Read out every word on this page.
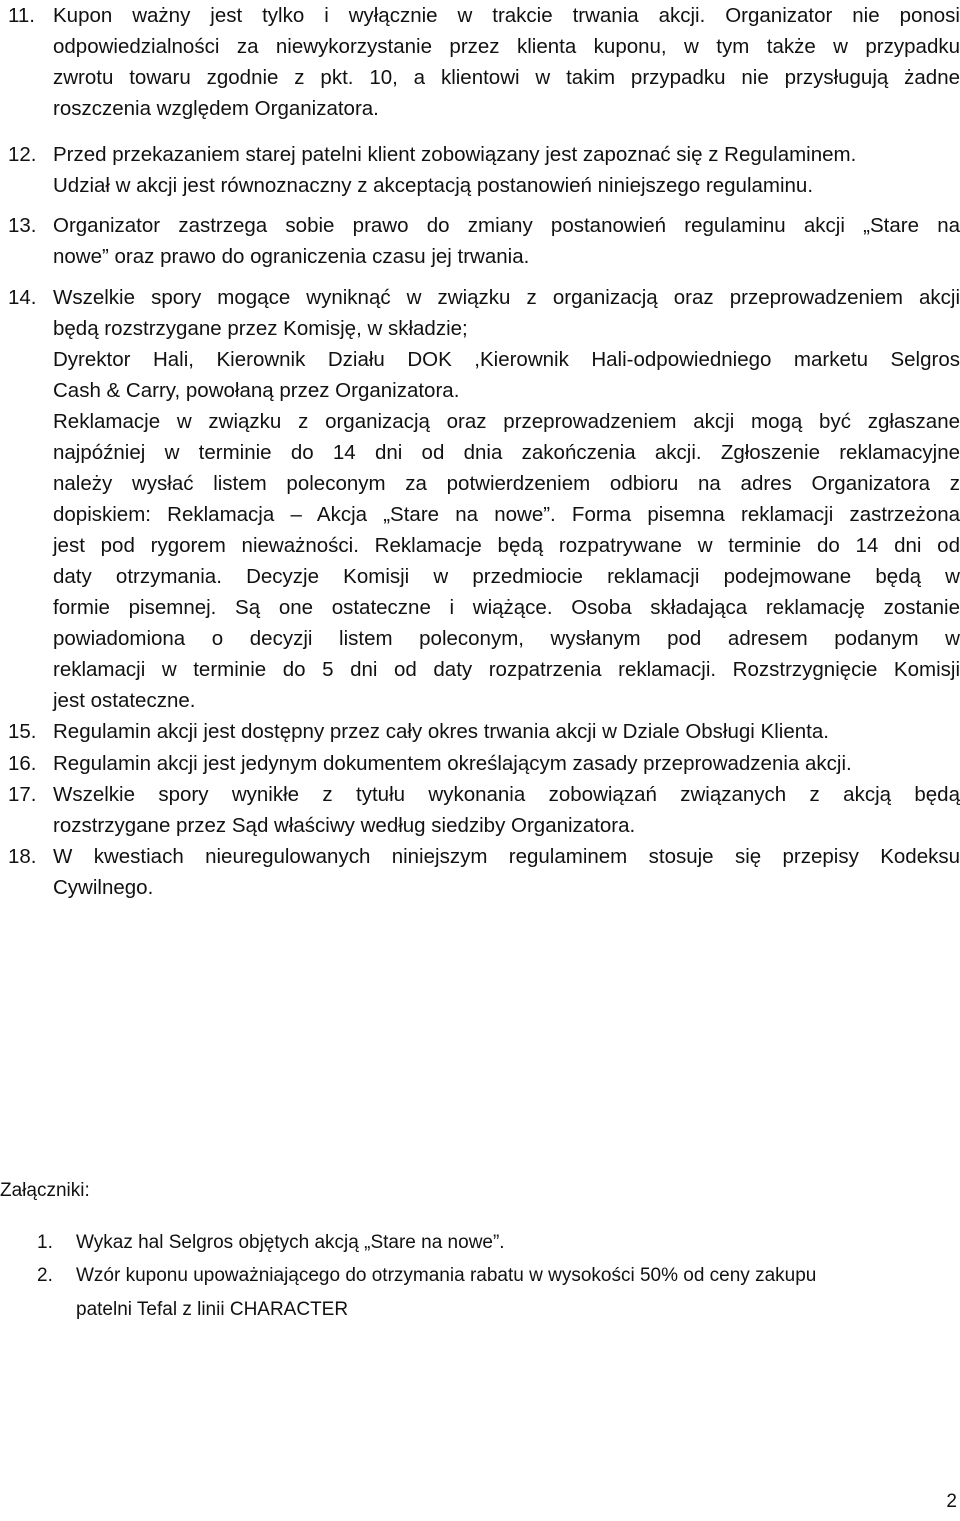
11. Kupon ważny jest tylko i wyłącznie w trakcie trwania akcji. Organizator nie ponosi
odpowiedzialności za niewykorzystanie przez klienta kuponu, w tym także w przypadku
zwrotu towaru zgodnie z pkt. 10, a klientowi w takim przypadku nie przysługują żadne
roszczenia względem Organizatora.
12. Przed przekazaniem starej patelni klient zobowiązany jest zapoznać się z Regulaminem.
Udział w akcji jest równoznaczny z akceptacją postanowień niniejszego regulaminu.
13. Organizator zastrzega sobie prawo do zmiany postanowień regulaminu akcji „Stare na
nowe” oraz prawo do ograniczenia czasu jej trwania.
14. Wszelkie spory mogące wyniknąć w związku z organizacją oraz przeprowadzeniem akcji
będą rozstrzygane przez Komisję, w składzie;
Dyrektor Hali, Kierownik Działu DOK ,Kierownik Hali-odpowiedniego marketu Selgros
Cash & Carry, powołaną przez Organizatora.
Reklamacje w związku z organizacją oraz przeprowadzeniem akcji mogą być zgłaszane
najpóźniej w terminie do 14 dni od dnia zakończenia akcji. Zgłoszenie reklamacyjne
należy wysłać listem poleconym za potwierdzeniem odbioru na adres Organizatora z
dopiskiem: Reklamacja – Akcja „Stare na nowe”. Forma pisemna reklamacji zastrzeżona
jest pod rygorem nieważności. Reklamacje będą rozpatrywane w terminie do 14 dni od
daty otrzymania. Decyzje Komisji w przedmiocie reklamacji podejmowane będą w
formie pisemnej. Są one ostateczne i wiążące. Osoba składająca reklamację zostanie
powiadomiona o decyzji listem poleconym, wysłanym pod adresem podanym w
reklamacji w terminie do 5 dni od daty rozpatrzenia reklamacji. Rozstrzygnięcie Komisji
jest ostateczne.
15. Regulamin akcji jest dostępny przez cały okres trwania akcji w Dziale Obsługi Klienta.
16. Regulamin akcji jest jedynym dokumentem określającym zasady przeprowadzenia akcji.
17. Wszelkie spory wynikłe z tytułu wykonania zobowiązań związanych z akcją będą
rozstrzygane przez Sąd właściwy według siedziby Organizatora.
18. W kwestiach nieuregulowanych niniejszym regulaminem stosuje się przepisy Kodeksu
Cywilnego.
Załączniki:
1. Wykaz hal Selgros objętych akcją „Stare na nowe”.
2. Wzór kuponu upoważniającego do otrzymania rabatu w wysokości 50% od ceny zakupu
patelni Tefal z linii CHARACTER
2
